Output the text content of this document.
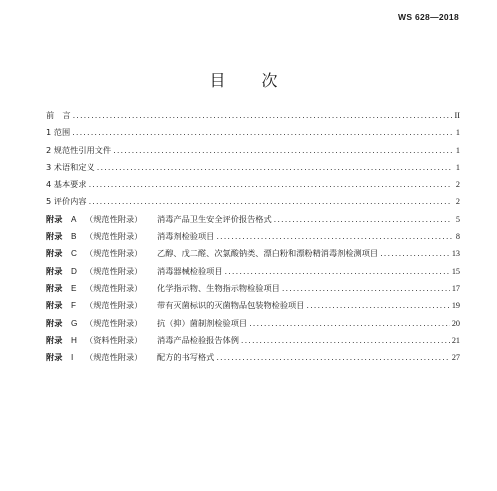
WS 628—2018
目　次
前　言 .....	II
1 范围 .....	1
2 规范性引用文件 .....	1
3 术语和定义 .....	1
4 基本要求 .....	2
5 评价内容 .....	2
附录	A	（规范性附录）	消毒产品卫生安全评价报告格式 .....	5
附录	B	（规范性附录）	消毒剂检验项目 .....	8
附录	C （规范性附录）	乙醇、戊二醛、次氯酸钠类、漂白粉和漂粉精消毒剂检测项目 .....	13
附录	D （规范性附录）	消毒器械检验项目 .....	15
附录	E	（规范性附录）	化学指示物、生物指示物检验项目 .....	17
附录	F	（规范性附录）	带有灭菌标识的灭菌物品包装物检验项目 .....	19
附录	G （规范性附录）	抗（抑）菌制剂检验项目 .....	20
附录	H （资料性附录）	消毒产品检验报告体例 .....	21
附录	I	（规范性附录）	配方的书写格式 .....	27
